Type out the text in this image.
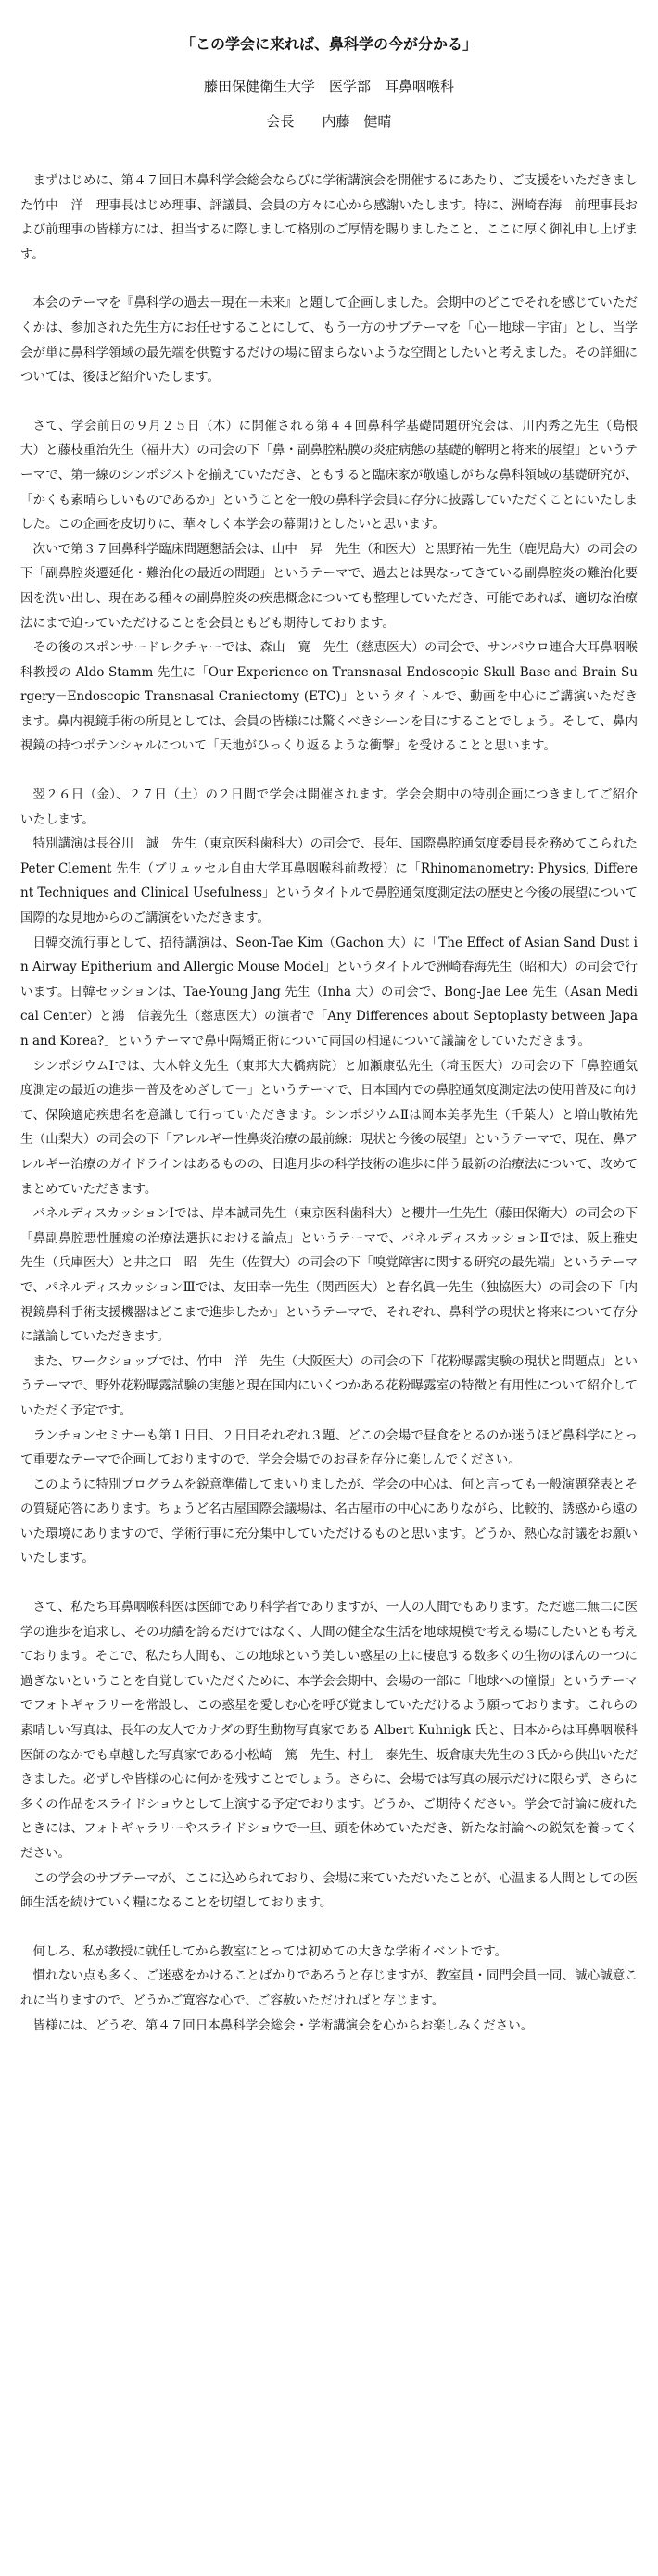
「この学会に来れば、鼻科学の今が分かる」
藤田保健衛生大学　医学部　耳鼻咽喉科
会長　　内藤　健晴
まずはじめに、第４７回日本鼻科学会総会ならびに学術講演会を開催するにあたり、ご支援をいただきました竹中　洋　理事長はじめ理事、評議員、会員の方々に心から感謝いたします。特に、洲崎春海　前理事長および前理事の皆様方には、担当するに際しまして格別のご厚情を賜りましたこと、ここに厚く御礼申し上げます。
本会のテーマを『鼻科学の過去－現在－未来』と題して企画しました。会期中のどこでそれを感じていただくかは、参加された先生方にお任せすることにして、もう一方のサブテーマを「心－地球－宇宙」とし、当学会が単に鼻科学領域の最先端を供覧するだけの場に留まらないような空間としたいと考えました。その詳細については、後ほど紹介いたします。
さて、学会前日の９月２５日（木）に開催される第４４回鼻科学基礎問題研究会は、川内秀之先生（島根大）と藤枝重治先生（福井大）の司会の下「鼻・副鼻腔粘膜の炎症病態の基礎的解明と将来的展望」というテーマで、第一線のシンポジストを揃えていただき、ともすると臨床家が敬遠しがちな鼻科領域の基礎研究が、「かくも素晴らしいものであるか」ということを一般の鼻科学会員に存分に披露していただくことにいたしました。この企画を皮切りに、華々しく本学会の幕開けとしたいと思います。
次いで第３７回鼻科学臨床問題懇話会は、山中　昇　先生（和医大）と黒野祐一先生（鹿児島大）の司会の下「副鼻腔炎遷延化・難治化の最近の問題」というテーマで、過去とは異なってきている副鼻腔炎の難治化要因を洗い出し、現在ある種々の副鼻腔炎の疾患概念についても整理していただき、可能であれば、適切な治療法にまで迫っていただけることを会員ともども期待しております。
その後のスポンサードレクチャーでは、森山　寛　先生（慈恵医大）の司会で、サンパウロ連合大耳鼻咽喉科教授の Aldo Stamm 先生に「Our Experience on Transnasal Endoscopic Skull Base and Brain Surgery－Endoscopic Transnasal Craniectomy (ETC)」というタイトルで、動画を中心にご講演いただきます。鼻内視鏡手術の所見としては、会員の皆様には驚くべきシーンを目にすることでしょう。そして、鼻内視鏡の持つポテンシャルについて「天地がひっくり返るような衝撃」を受けることと思います。
翌２６日（金）、２７日（土）の２日間で学会は開催されます。学会会期中の特別企画につきましてご紹介いたします。
特別講演は長谷川　誠　先生（東京医科歯科大）の司会で、長年、国際鼻腔通気度委員長を務めてこられた Peter Clement 先生（ブリュッセル自由大学耳鼻咽喉科前教授）に「Rhinomanometry: Physics, Different Techniques and Clinical Usefulness」というタイトルで鼻腔通気度測定法の歴史と今後の展望について国際的な見地からのご講演をいただきます。
日韓交流行事として、招待講演は、Seon-Tae Kim（Gachon 大）に「The Effect of Asian Sand Dust in Airway Epitherium and Allergic Mouse Model」というタイトルで洲崎春海先生（昭和大）の司会で行います。日韓セッションは、Tae-Young Jang 先生（Inha 大）の司会で、Bong-Jae Lee 先生（Asan Medical Center）と鴻　信義先生（慈恵医大）の演者で「Any Differences about Septoplasty between Japan and Korea?」というテーマで鼻中隔矯正術について両国の相違について議論をしていただきます。
シンポジウムⅠでは、大木幹文先生（東邦大大橋病院）と加瀬康弘先生（埼玉医大）の司会の下「鼻腔通気度測定の最近の進歩－普及をめざして－」というテーマで、日本国内での鼻腔通気度測定法の使用普及に向けて、保険適応疾患名を意識して行っていただきます。シンポジウムⅡは岡本美孝先生（千葉大）と増山敬祐先生（山梨大）の司会の下「アレルギー性鼻炎治療の最前線：現状と今後の展望」というテーマで、現在、鼻アレルギー治療のガイドラインはあるものの、日進月歩の科学技術の進歩に伴う最新の治療法について、改めてまとめていただきます。
パネルディスカッションⅠでは、岸本誠司先生（東京医科歯科大）と櫻井一生先生（藤田保衛大）の司会の下「鼻副鼻腔悪性腫瘍の治療法選択における論点」というテーマで、パネルディスカッションⅡでは、阪上雅史先生（兵庫医大）と井之口　昭　先生（佐賀大）の司会の下「嗅覚障害に関する研究の最先端」というテーマで、パネルディスカッションⅢでは、友田幸一先生（関西医大）と春名眞一先生（独協医大）の司会の下「内視鏡鼻科手術支援機器はどこまで進歩したか」というテーマで、それぞれ、鼻科学の現状と将来について存分に議論していただきます。
また、ワークショップでは、竹中　洋　先生（大阪医大）の司会の下「花粉曝露実験の現状と問題点」というテーマで、野外花粉曝露試験の実態と現在国内にいくつかある花粉曝露室の特徴と有用性について紹介していただく予定です。
ランチョンセミナーも第１日目、２日目それぞれ３題、どこの会場で昼食をとるのか迷うほど鼻科学にとって重要なテーマで企画しておりますので、学会会場でのお昼を存分に楽しんでください。
このように特別プログラムを鋭意準備してまいりましたが、学会の中心は、何と言っても一般演題発表とその質疑応答にあります。ちょうど名古屋国際会議場は、名古屋市の中心にありながら、比較的、誘惑から遠のいた環境にありますので、学術行事に充分集中していただけるものと思います。どうか、熱心な討議をお願いいたします。
さて、私たち耳鼻咽喉科医は医師であり科学者でありますが、一人の人間でもあります。ただ遮二無二に医学の進歩を追求し、その功績を誇るだけではなく、人間の健全な生活を地球規模で考える場にしたいとも考えております。そこで、私たち人間も、この地球という美しい惑星の上に棲息する数多くの生物のほんの一つに過ぎないということを自覚していただくために、本学会会期中、会場の一部に「地球への憧憬」というテーマでフォトギャラリーを常設し、この惑星を愛しむ心を呼び覚ましていただけるよう願っております。これらの素晴しい写真は、長年の友人でカナダの野生動物写真家である Albert Kuhnigk 氏と、日本からは耳鼻咽喉科医師のなかでも卓越した写真家である小松崎　篤　先生、村上　泰先生、坂倉康夫先生の３氏から供出いただきました。必ずしや皆様の心に何かを残すことでしょう。さらに、会場では写真の展示だけに限らず、さらに多くの作品をスライドショウとして上演する予定でおります。どうか、ご期待ください。学会で討論に疲れたときには、フォトギャラリーやスライドショウで一旦、頭を休めていただき、新たな討論への鋭気を養ってください。
この学会のサブテーマが、ここに込められており、会場に来ていただいたことが、心温まる人間としての医師生活を続けていく糧になることを切望しております。
何しろ、私が教授に就任してから教室にとっては初めての大きな学術イベントです。
慣れない点も多く、ご迷惑をかけることばかりであろうと存じますが、教室員・同門会員一同、誠心誠意これに当りますので、どうかご寛容な心で、ご容赦いただければと存じます。
皆様には、どうぞ、第４７回日本鼻科学会総会・学術講演会を心からお楽しみください。
